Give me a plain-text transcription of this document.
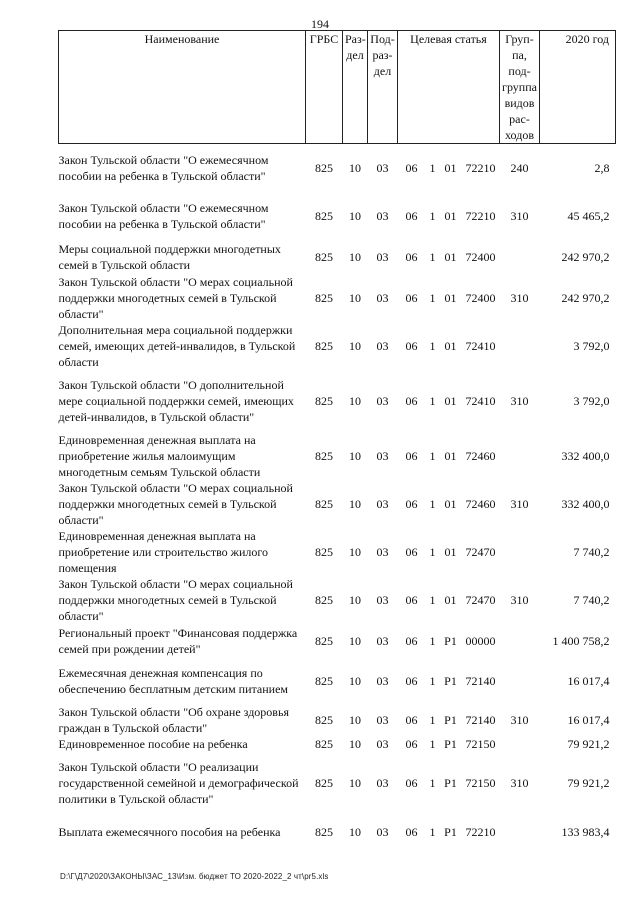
194
Наименование	ГРБС	Раз-дел	Под-раз-дел	Целевая статья	Груп-па, под-группа видов рас-ходов	2020 год
Закон Тульской области "О ежемесячном пособии на ребенка в Тульской области"	825	10	03	06 1 01 72210	240	2,8
Закон Тульской области "О ежемесячном пособии на ребенка в Тульской области"	825	10	03	06 1 01 72210	310	45 465,2
Меры социальной поддержки многодетных семей в Тульской области	825	10	03	06 1 01 72400		242 970,2
Закон Тульской области "О мерах социальной поддержки многодетных семей в Тульской области"	825	10	03	06 1 01 72400	310	242 970,2
Дополнительная мера социальной поддержки семей, имеющих детей-инвалидов, в Тульской области	825	10	03	06 1 01 72410		3 792,0
Закон Тульской области "О дополнительной мере социальной поддержки семей, имеющих детей-инвалидов, в Тульской области"	825	10	03	06 1 01 72410	310	3 792,0
Единовременная денежная выплата на приобретение жилья малоимущим многодетным семьям Тульской области	825	10	03	06 1 01 72460		332 400,0
Закон Тульской области "О мерах социальной поддержки многодетных семей в Тульской области"	825	10	03	06 1 01 72460	310	332 400,0
Единовременная денежная выплата на приобретение или строительство жилого помещения	825	10	03	06 1 01 72470		7 740,2
Закон Тульской области "О мерах социальной поддержки многодетных семей в Тульской области"	825	10	03	06 1 01 72470	310	7 740,2
Региональный проект "Финансовая поддержка семей при рождении детей"	825	10	03	06 1 P1 00000		1 400 758,2
Ежемесячная денежная компенсация по обеспечению бесплатным детским питанием	825	10	03	06 1 P1 72140		16 017,4
Закон Тульской области "Об охране здоровья граждан в Тульской области"	825	10	03	06 1 P1 72140	310	16 017,4
Единовременное пособие на ребенка	825	10	03	06 1 P1 72150		79 921,2
Закон Тульской области "О реализации государственной семейной и демографической политики в Тульской области"	825	10	03	06 1 P1 72150	310	79 921,2
Выплата ежемесячного пособия на ребенка	825	10	03	06 1 P1 72210		133 983,4
D:\Г\Д7\2020\ЗАКОНЫ\ЗАС_13\Изм. бюджет ТО 2020-2022_2 чт\pr5.xls
